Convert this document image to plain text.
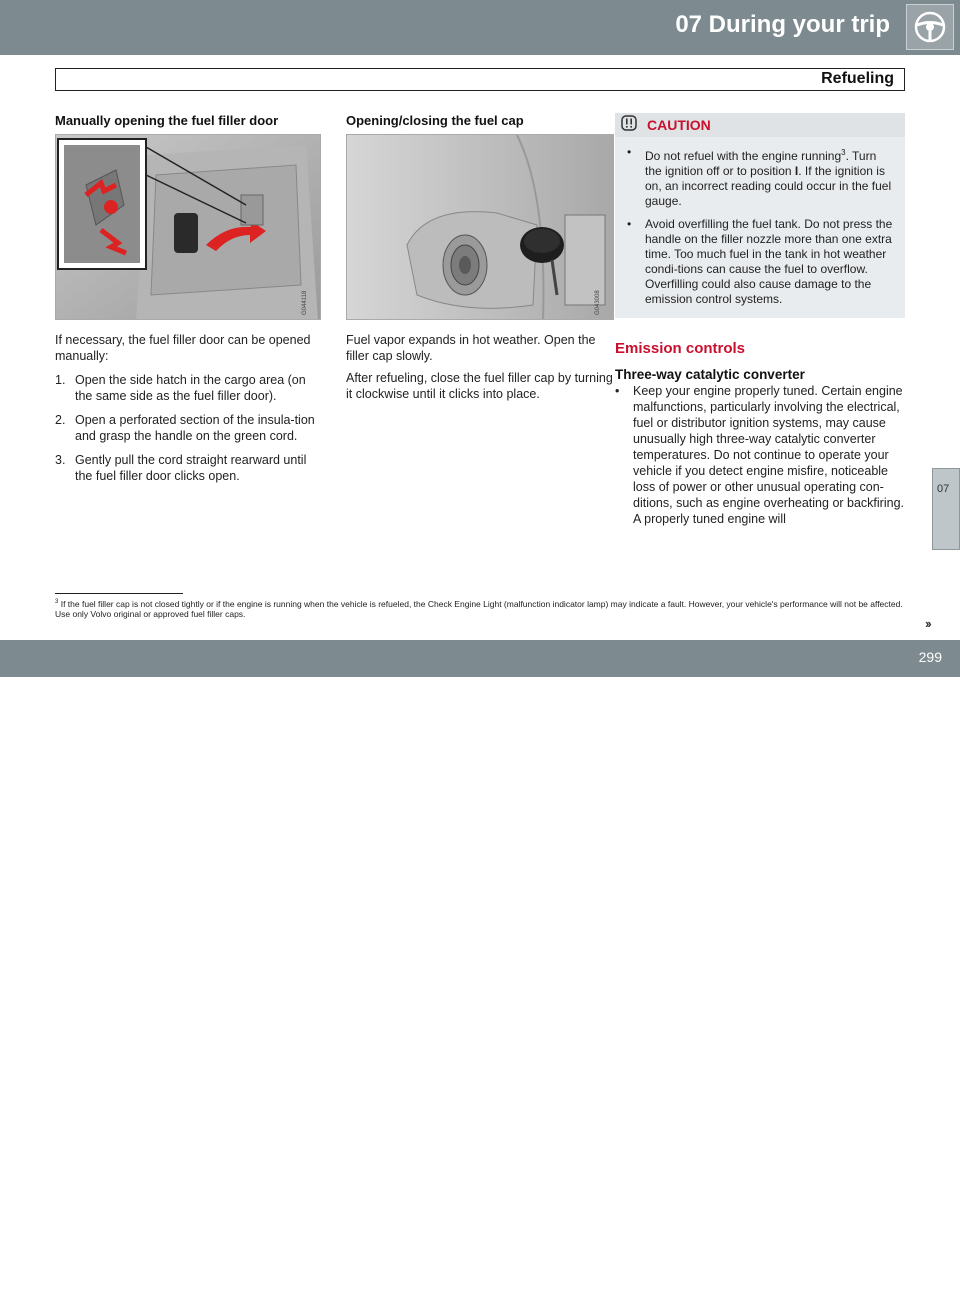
07 During your trip
Refueling
Manually opening the fuel filler door
G044118

If necessary, the fuel filler door can be opened manually:

1. Open the side hatch in the cargo area (on the same side as the fuel filler door).
2. Open a perforated section of the insula-tion and grasp the handle on the green cord.
3. Gently pull the cord straight rearward until the fuel filler door clicks open.
Opening/closing the fuel cap
G043008

Fuel vapor expands in hot weather. Open the filler cap slowly.

After refueling, close the fuel filler cap by turning it clockwise until it clicks into place.

CAUTION
•	Do not refuel with the engine running$^3$. Turn the ignition off or to position I. If the ignition is on, an incorrect reading could occur in the fuel gauge.
•	Avoid overfilling the fuel tank. Do not press the handle on the filler nozzle more than one extra time. Too much fuel in the tank in hot weather condi-tions can cause the fuel to overflow. Overfilling could also cause damage to the emission control systems.
Emission controls
Three-way catalytic converter
•	Keep your engine properly tuned. Certain engine malfunctions, particularly involving the electrical, fuel or distributor ignition systems, may cause unusually high three-way catalytic converter temperatures. Do not continue to operate your vehicle if you detect engine misfire, noticeable loss of power or other unusual operating con-ditions, such as engine overheating or backfiring. A properly tuned engine will
07
$^3$ If the fuel filler cap is not closed tightly or if the engine is running when the vehicle is refueled, the Check Engine Light (malfunction indicator lamp) may indicate a fault. However, your vehicle's performance will not be affected. Use only Volvo original or approved fuel filler caps.
››
carmanualsonline.info
299
